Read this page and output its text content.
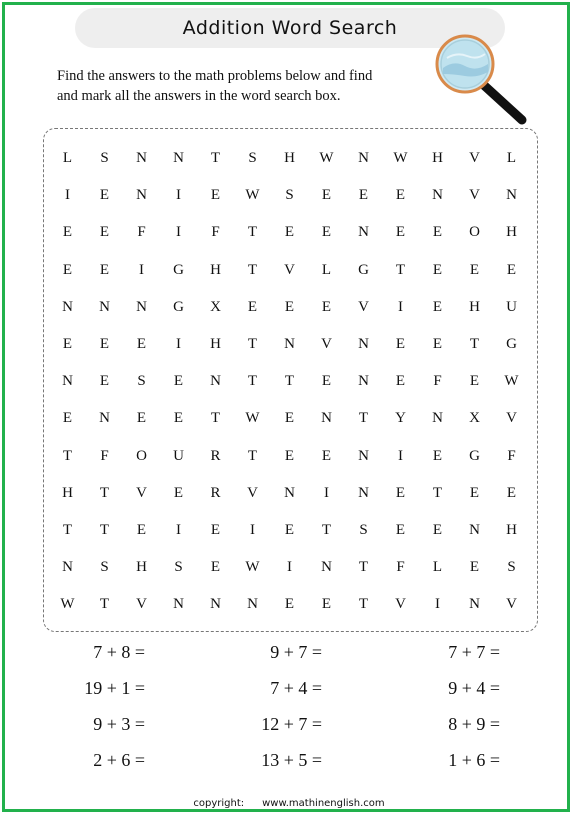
Addition Word Search
Find the answers to the math problems below and find
and mark all the answers in the word search box.
L	S	N	N	T	S	H	W	N	W	H	V	L
I	E	N	I	E	W	S	E	E	E	N	V	N
E	E	F	I	F	T	E	E	N	E	E	O	H
E	E	I	G	H	T	V	L	G	T	E	E	E
N	N	N	G	X	E	E	E	V	I	E	H	U
E	E	E	I	H	T	N	V	N	E	E	T	G
N	E	S	E	N	T	T	E	N	E	F	E	W
E	N	E	E	T	W	E	N	T	Y	N	X	V
T	F	O	U	R	T	E	E	N	I	E	G	F
H	T	V	E	R	V	N	I	N	E	T	E	E
T	T	E	I	E	I	E	T	S	E	E	N	H
N	S	H	S	E	W	I	N	T	F	L	E	S
W	T	V	N	N	N	E	E	T	V	I	N	V
7 + 8 =	9 + 7 =	7 + 7 =
19 + 1 =	7 + 4 =	9 + 4 =
9 + 3 =	12 + 7 =	8 + 9 =
2 + 6 =	13 + 5 =	1 + 6 =
copyright: www.mathinenglish.com
